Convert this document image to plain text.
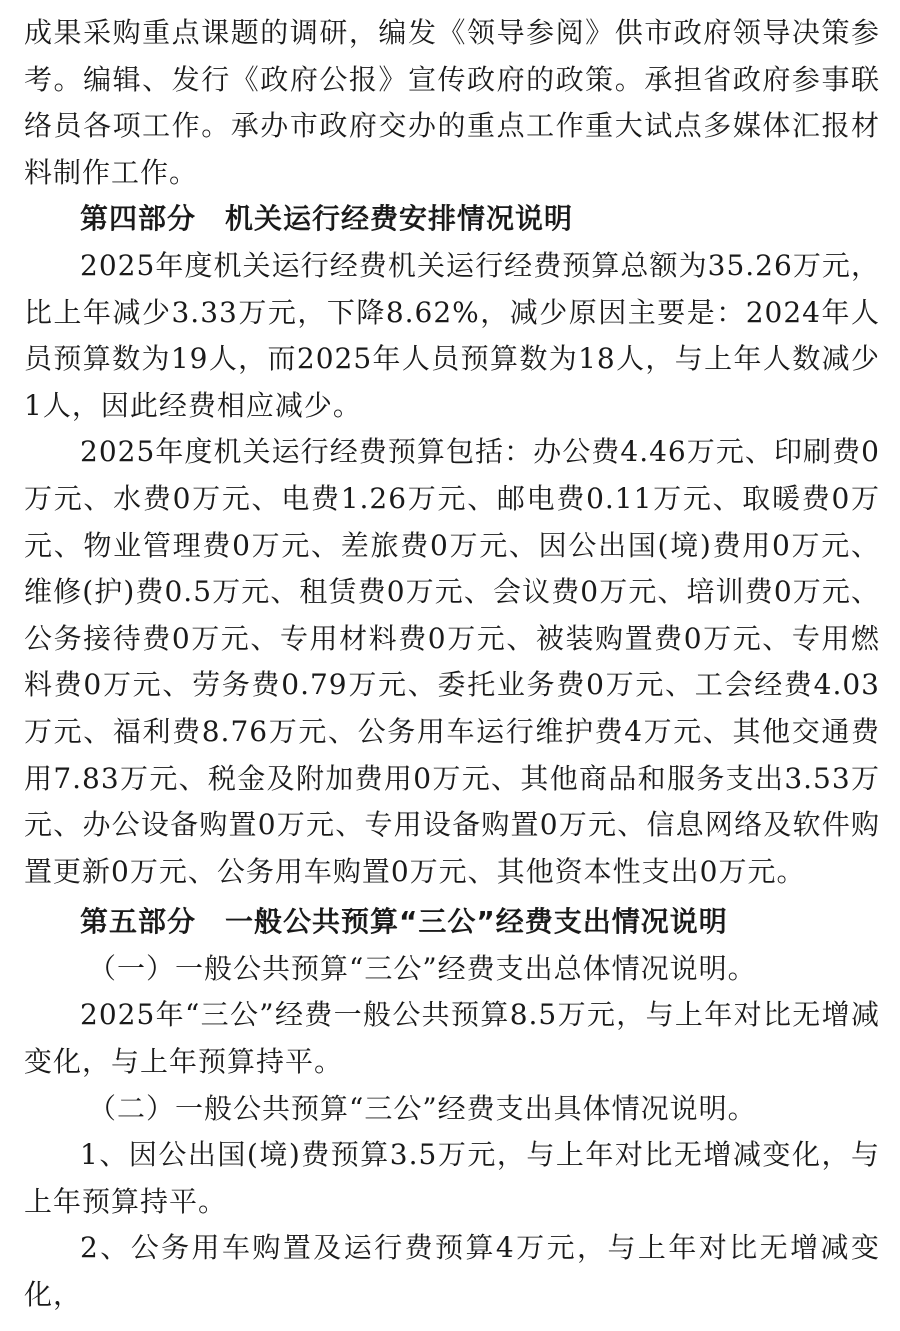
成果采购重点课题的调研，编发《领导参阅》供市政府领导决策参考。编辑、发行《政府公报》宣传政府的政策。承担省政府参事联络员各项工作。承办市政府交办的重点工作重大试点多媒体汇报材料制作工作。

第四部分　机关运行经费安排情况说明

2025年度机关运行经费机关运行经费预算总额为35.26万元，比上年减少3.33万元，下降8.62%，减少原因主要是：2024年人员预算数为19人，而2025年人员预算数为18人，与上年人数减少1人，因此经费相应减少。

2025年度机关运行经费预算包括：办公费4.46万元、印刷费0万元、水费0万元、电费1.26万元、邮电费0.11万元、取暖费0万元、物业管理费0万元、差旅费0万元、因公出国(境)费用0万元、维修(护)费0.5万元、租赁费0万元、会议费0万元、培训费0万元、公务接待费0万元、专用材料费0万元、被装购置费0万元、专用燃料费0万元、劳务费0.79万元、委托业务费0万元、工会经费4.03万元、福利费8.76万元、公务用车运行维护费4万元、其他交通费用7.83万元、税金及附加费用0万元、其他商品和服务支出3.53万元、办公设备购置0万元、专用设备购置0万元、信息网络及软件购置更新0万元、公务用车购置0万元、其他资本性支出0万元。

第五部分　一般公共预算“三公”经费支出情况说明

（一）一般公共预算“三公”经费支出总体情况说明。

2025年“三公”经费一般公共预算8.5万元，与上年对比无增减变化，与上年预算持平。

（二）一般公共预算“三公”经费支出具体情况说明。

1、因公出国(境)费预算3.5万元，与上年对比无增减变化，与上年预算持平。

2、公务用车购置及运行费预算4万元，与上年对比无增减变化，
